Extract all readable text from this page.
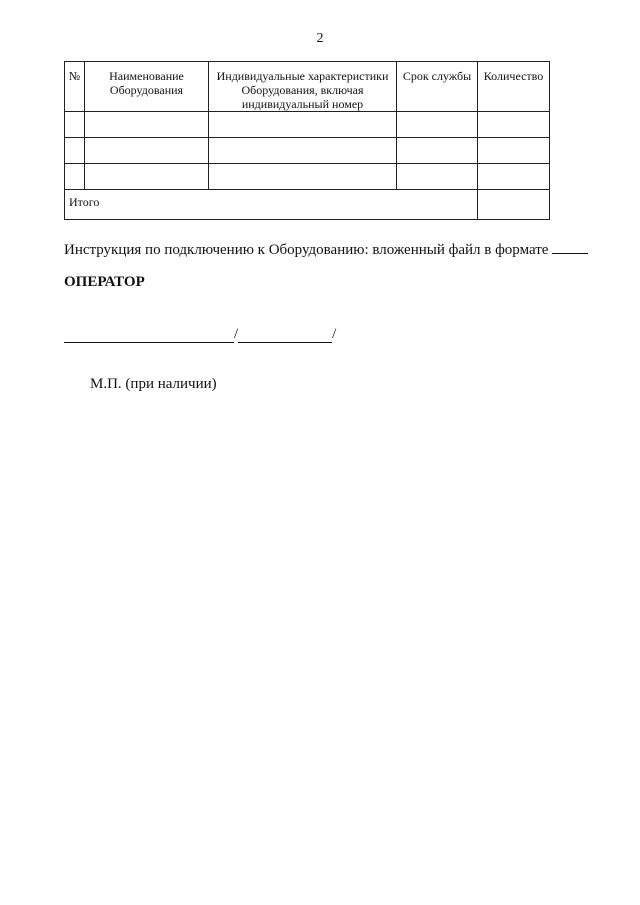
2
№	Наименование Оборудования	Индивидуальные характеристики Оборудования, включая индивидуальный номер	Срок службы	Количество

Итого				
Инструкция по подключению к Оборудованию: вложенный файл в формате
ОПЕРАТОР
/	/
М.П. (при наличии)
